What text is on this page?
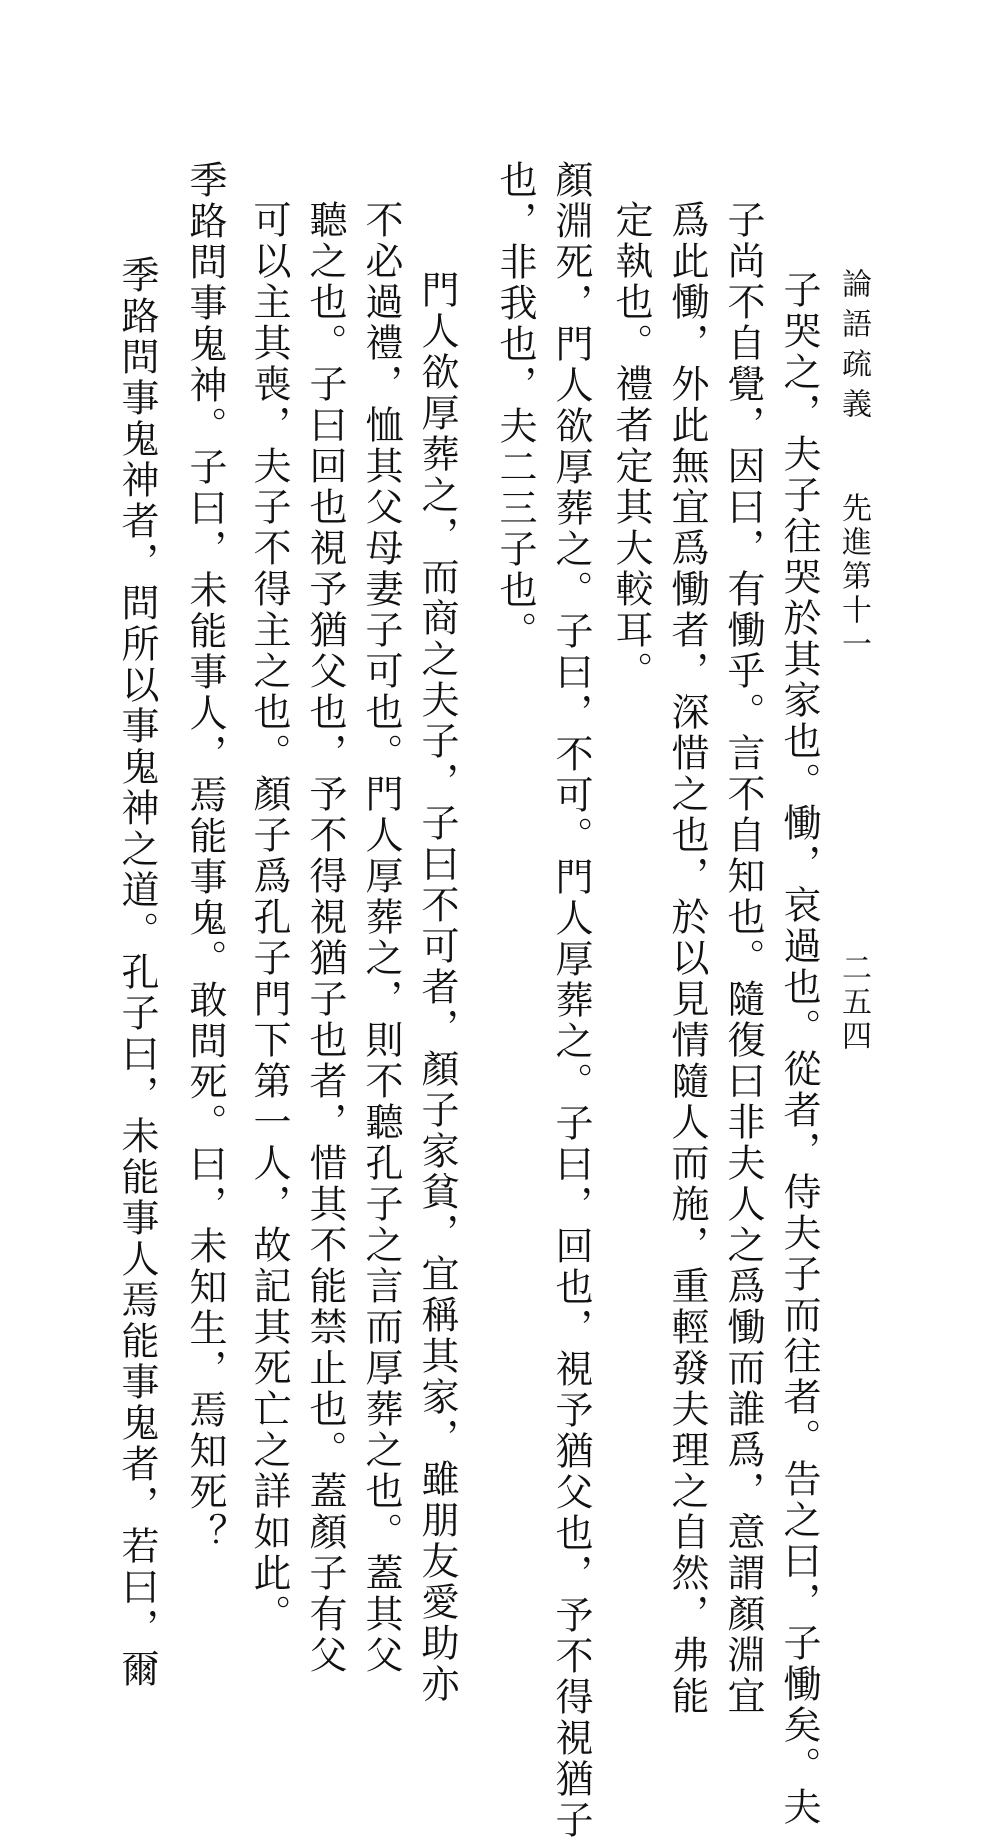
論語疏義
先進第十一
二五四
子哭之，夫子往哭於其家也。慟，哀過也。從者，侍夫子而往者。告之曰，子慟矣。夫
子尚不自覺，因曰，有慟乎。言不自知也。隨復曰非夫人之爲慟而誰爲，意謂顏淵宜
爲此慟，外此無宜爲慟者，深惜之也，於以見情隨人而施，重輕發夫理之自然，弗能
定執也。禮者定其大較耳。
顏淵死，門人欲厚葬之。子曰，不可。門人厚葬之。子曰，回也，視予猶父也，予不得視猶子
也，非我也，夫二三子也。
門人欲厚葬之，而商之夫子，子曰不可者，顏子家貧，宜稱其家，雖朋友愛助亦
不必過禮，恤其父母妻子可也。門人厚葬之，則不聽孔子之言而厚葬之也。蓋其父
聽之也。子曰回也視予猶父也，予不得視猶子也者，惜其不能禁止也。蓋顏子有父
可以主其喪，夫子不得主之也。顏子爲孔子門下第一人，故記其死亡之詳如此。
季路問事鬼神。子曰，未能事人，焉能事鬼。敢問死。曰，未知生，焉知死？
季路問事鬼神者，問所以事鬼神之道。孔子曰，未能事人焉能事鬼者，若曰，爾
